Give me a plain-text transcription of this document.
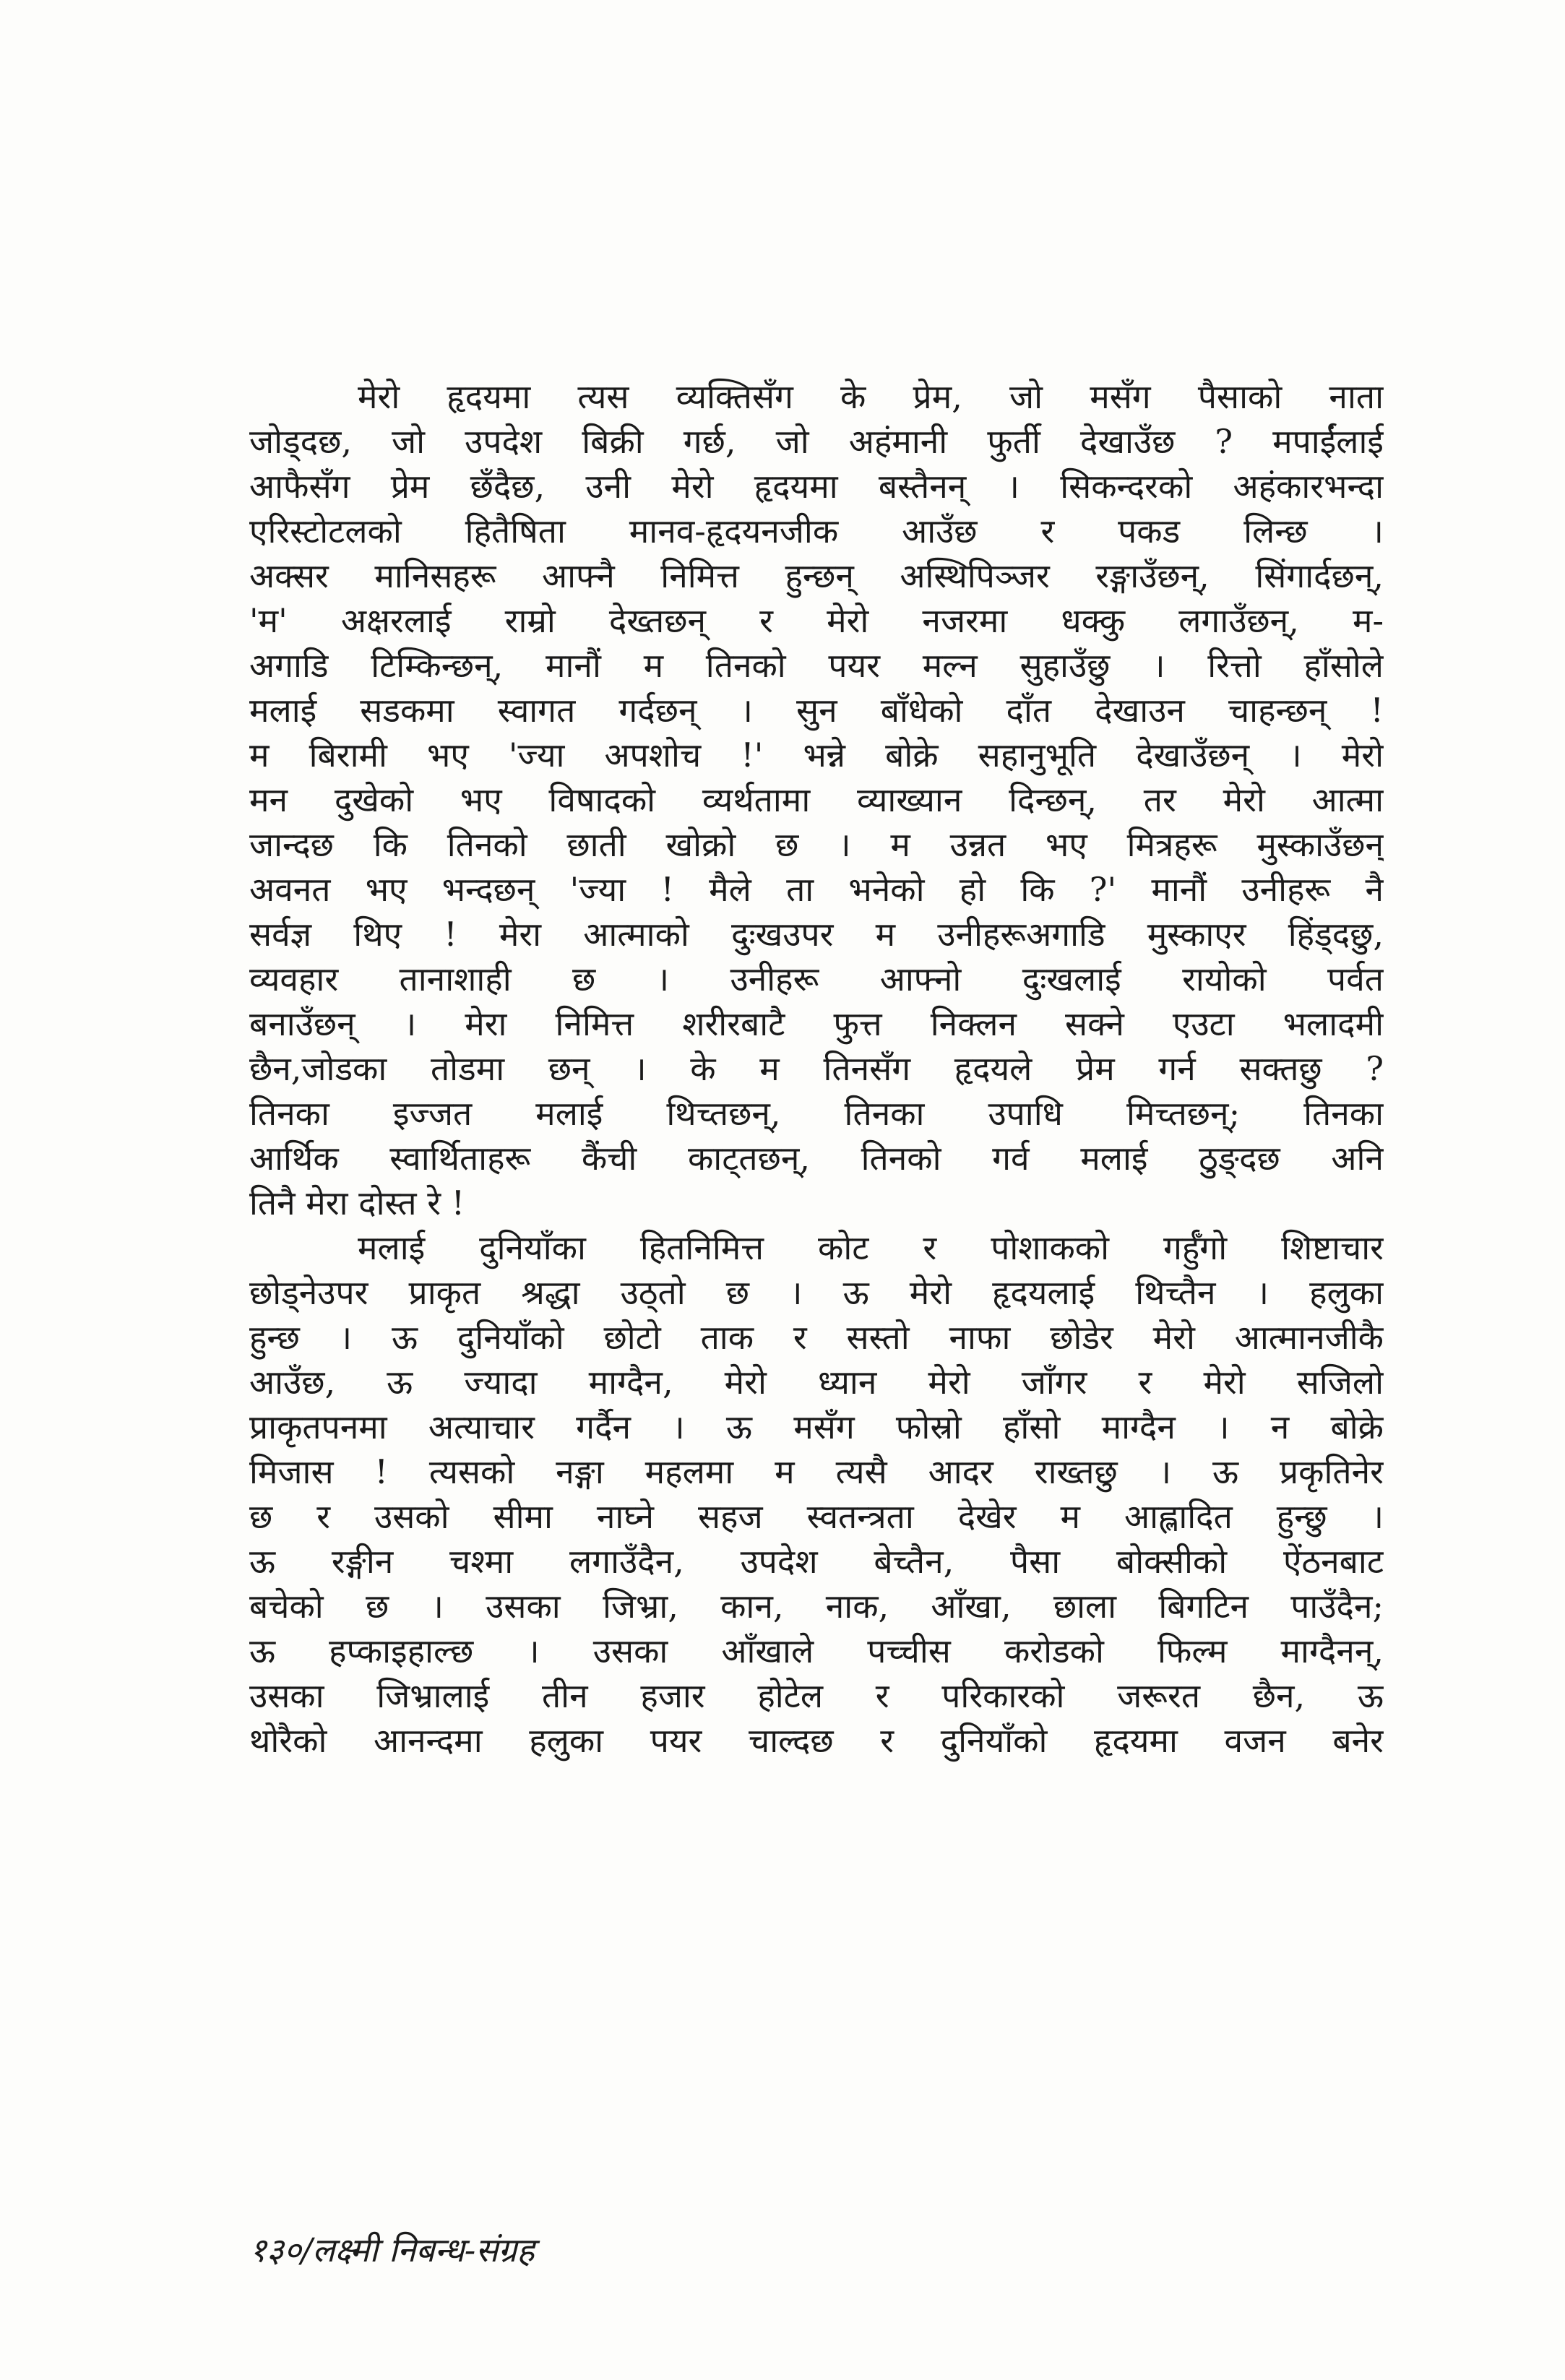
मेरो हृदयमा त्यस व्यक्तिसँग के प्रेम, जो मसँग पैसाको नाता
जोड्दछ, जो उपदेश बिक्री गर्छ, जो अहंमानी फुर्ती देखाउँछ ? मपाईंलाई
आफैसँग प्रेम छँदैछ, उनी मेरो हृदयमा बस्तैनन् । सिकन्दरको अहंकारभन्दा
एरिस्टोटलको हितैषिता मानव-हृदयनजीक आउँछ र पकड लिन्छ ।
अक्सर मानिसहरू आफ्नै निमित्त हुन्छन् अस्थिपिञ्जर रङ्गाउँछन्, सिंगार्दछन्,
'म' अक्षरलाई राम्रो देख्तछन् र मेरो नजरमा धक्कु लगाउँछन्, म-
अगाडि टिम्किन्छन्, मानौं म तिनको पयर मल्न सुहाउँछु । रित्तो हाँसोले
मलाई सडकमा स्वागत गर्दछन् । सुन बाँधेको दाँत देखाउन चाहन्छन् !
म बिरामी भए 'ज्या अपशोच !' भन्ने बोक्रे सहानुभूति देखाउँछन् । मेरो
मन दुखेको भए विषादको व्यर्थतामा व्याख्यान दिन्छन्, तर मेरो आत्मा
जान्दछ कि तिनको छाती खोक्रो छ । म उन्नत भए मित्रहरू मुस्काउँछन्
अवनत भए भन्दछन् 'ज्या ! मैले ता भनेको हो कि ?' मानौं उनीहरू नै
सर्वज्ञ थिए ! मेरा आत्माको दुःखउपर म उनीहरूअगाडि मुस्काएर हिंड्दछु,
व्यवहार तानाशाही छ । उनीहरू आफ्नो दुःखलाई रायोको पर्वत
बनाउँछन् । मेरा निमित्त शरीरबाटै फुत्त निक्लन सक्ने एउटा भलादमी
छैन,जोडका तोडमा छन् । के म तिनसँग हृदयले प्रेम गर्न सक्तछु ?
तिनका इज्जत मलाई थिच्तछन्, तिनका उपाधि मिच्तछन्; तिनका
आर्थिक स्वार्थिताहरू कैंची काट्तछन्, तिनको गर्व मलाई ठुङ्दछ अनि
तिनै मेरा दोस्त रे !
मलाई दुनियाँका हितनिमित्त कोट र पोशाकको गर्हुँगो शिष्टाचार
छोड्नेउपर प्राकृत श्रद्धा उठ्तो छ । ऊ मेरो हृदयलाई थिच्तैन । हलुका
हुन्छ । ऊ दुनियाँको छोटो ताक र सस्तो नाफा छोडेर मेरो आत्मानजीकै
आउँछ, ऊ ज्यादा माग्दैन, मेरो ध्यान मेरो जाँगर र मेरो सजिलो
प्राकृतपनमा अत्याचार गर्दैन । ऊ मसँग फोस्रो हाँसो माग्दैन । न बोक्रे
मिजास ! त्यसको नङ्गा महलमा म त्यसै आदर राख्तछु । ऊ प्रकृतिनेर
छ र उसको सीमा नाघ्ने सहज स्वतन्त्रता देखेर म आह्लादित हुन्छु ।
ऊ रङ्गीन चश्मा लगाउँदैन, उपदेश बेच्तैन, पैसा बोक्सीको ऐंठनबाट
बचेको छ । उसका जिभ्रा, कान, नाक, आँखा, छाला बिगटिन पाउँदैन;
ऊ हप्काइहाल्छ । उसका आँखाले पच्चीस करोडको फिल्म माग्दैनन्,
उसका जिभ्रालाई तीन हजार होटेल र परिकारको जरूरत छैन, ऊ
थोरैको आनन्दमा हलुका पयर चाल्दछ र दुनियाँको हृदयमा वजन बनेर
१३०/लक्ष्मी निबन्ध-संग्रह
